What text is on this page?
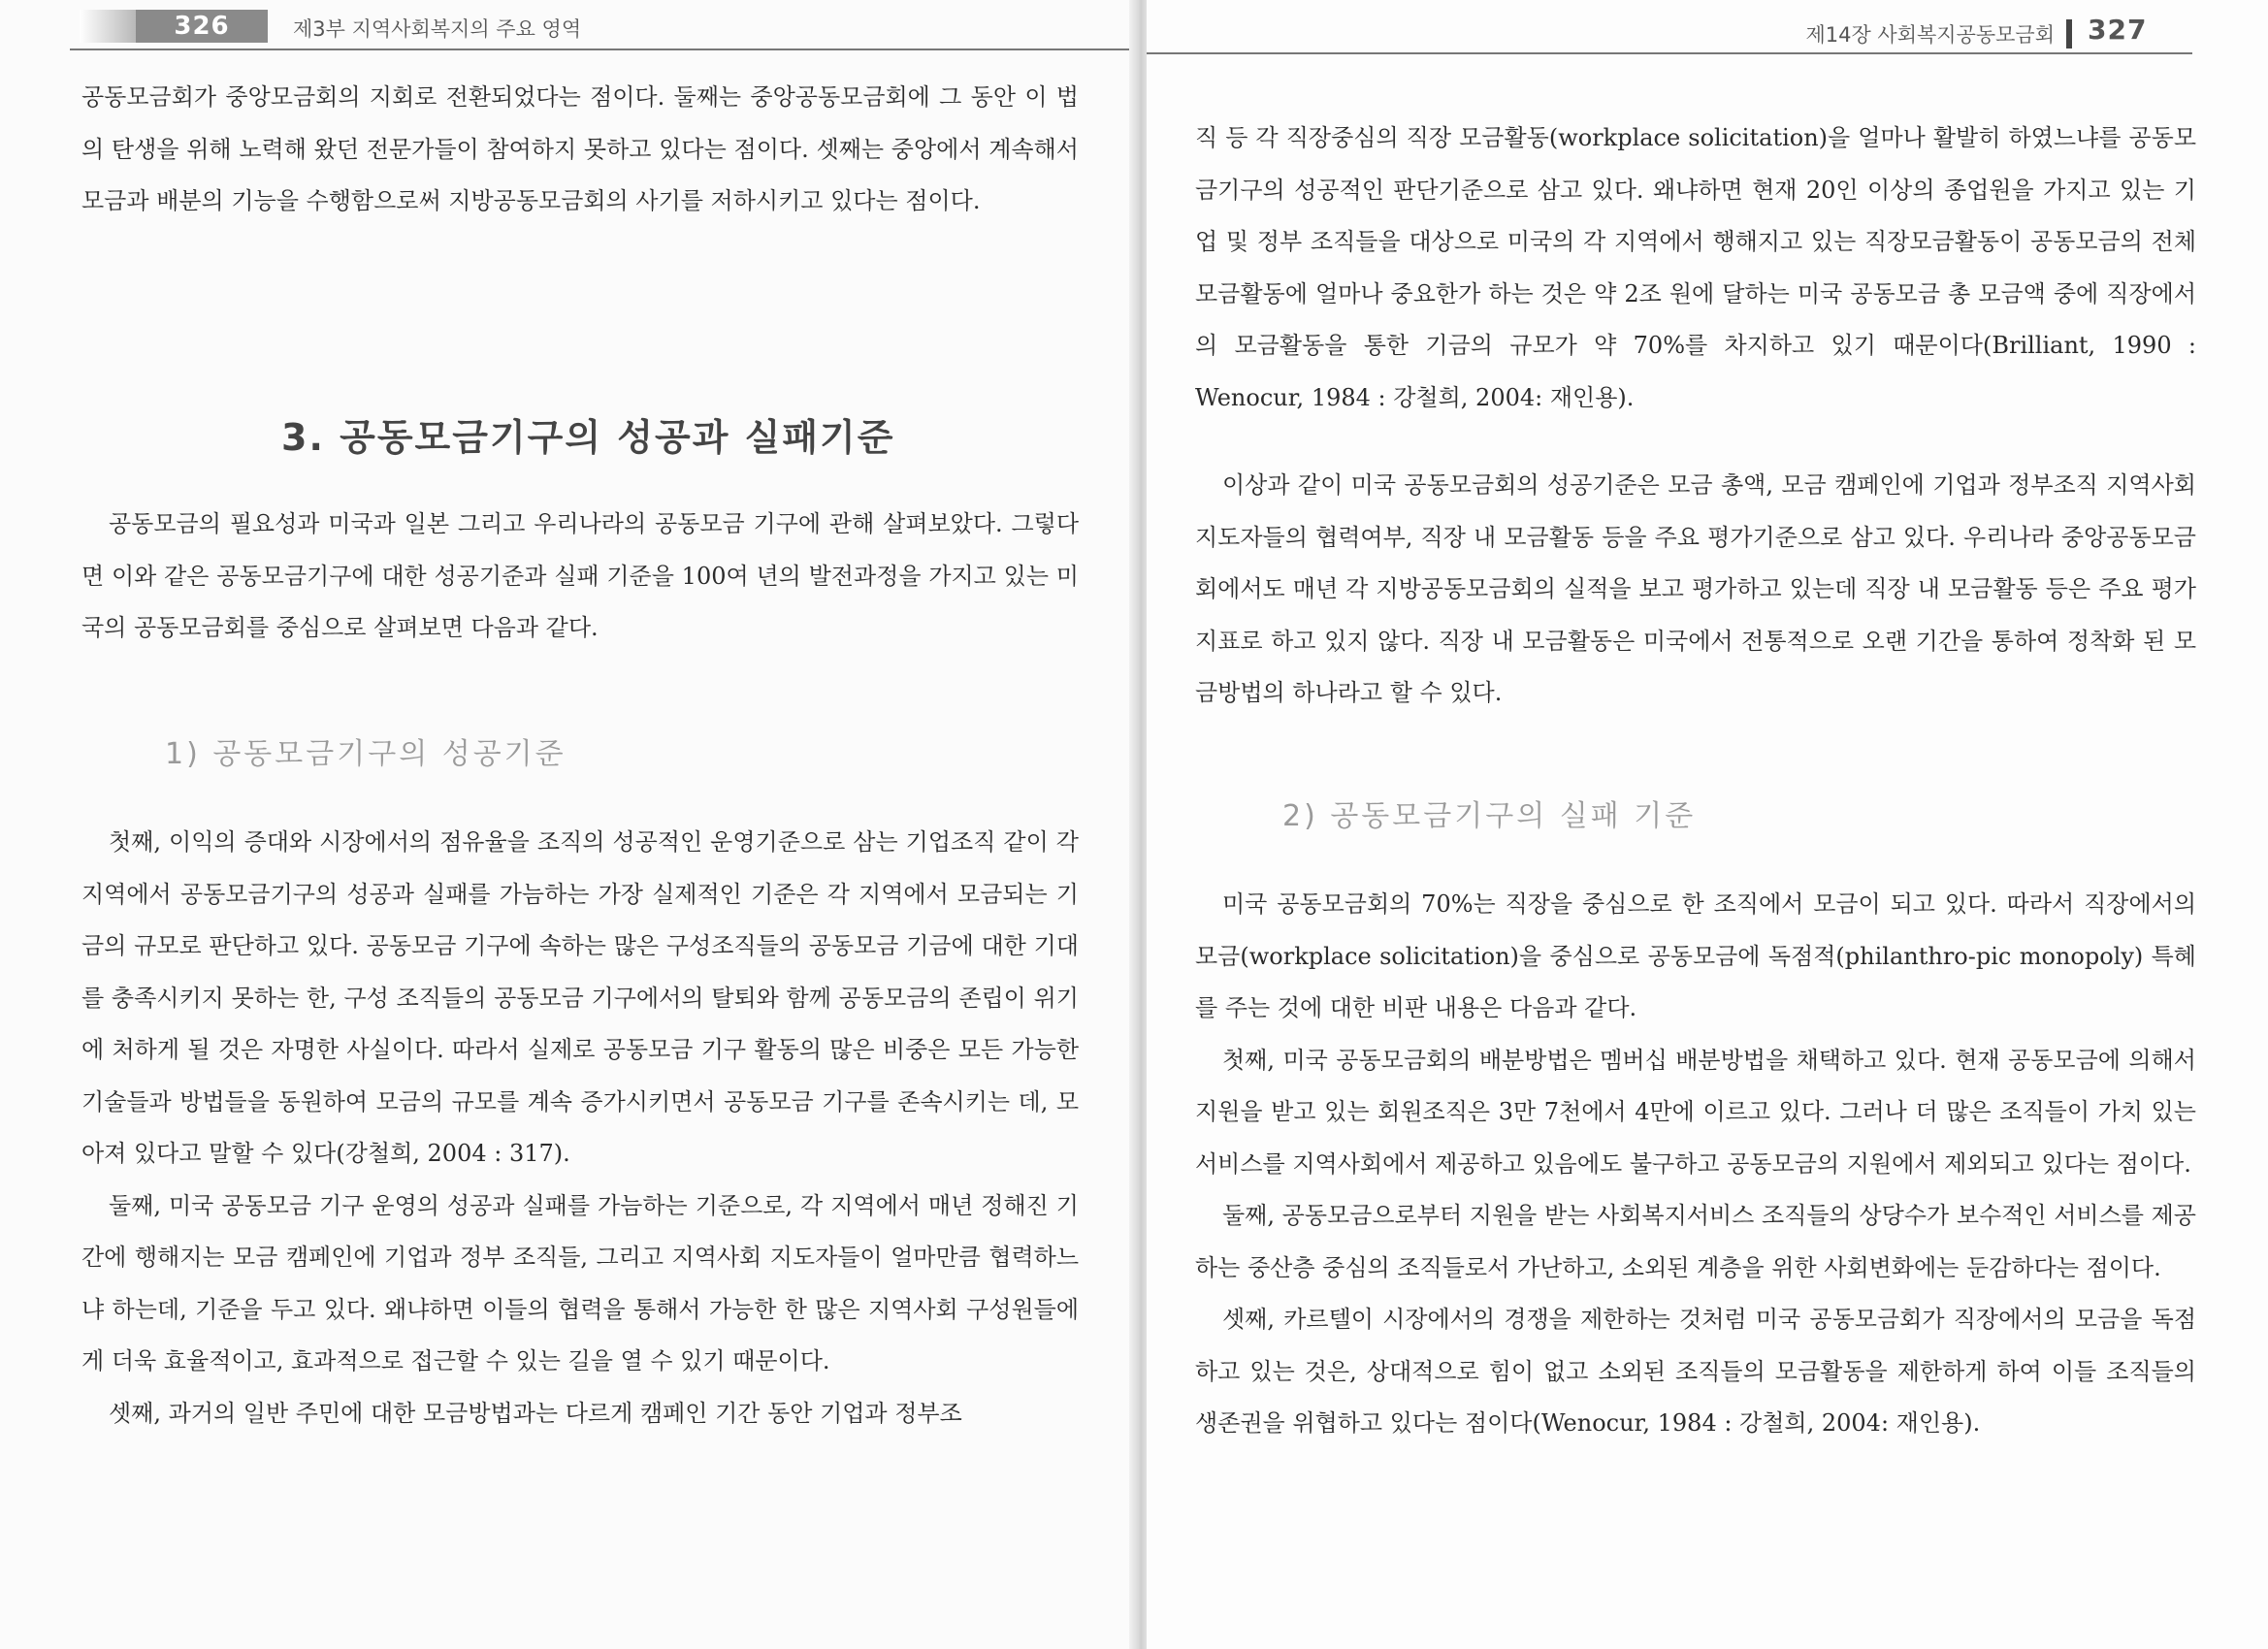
326	제3부 지역사회복지의 주요 영역

공동모금회가 중앙모금회의 지회로 전환되었다는 점이다. 둘째는 중앙공동모금회에 그 동안 이 법의 탄생을 위해 노력해 왔던 전문가들이 참여하지 못하고 있다는 점이다. 셋째는 중앙에서 계속해서 모금과 배분의 기능을 수행함으로써 지방공동모금회의 사기를 저하시키고 있다는 점이다.

3. 공동모금기구의 성공과 실패기준

공동모금의 필요성과 미국과 일본 그리고 우리나라의 공동모금 기구에 관해 살펴보았다. 그렇다면 이와 같은 공동모금기구에 대한 성공기준과 실패 기준을 100여 년의 발전과정을 가지고 있는 미국의 공동모금회를 중심으로 살펴보면 다음과 같다.

1) 공동모금기구의 성공기준

첫째, 이익의 증대와 시장에서의 점유율을 조직의 성공적인 운영기준으로 삼는 기업조직 같이 각 지역에서 공동모금기구의 성공과 실패를 가늠하는 가장 실제적인 기준은 각 지역에서 모금되는 기금의 규모로 판단하고 있다. 공동모금 기구에 속하는 많은 구성조직들의 공동모금 기금에 대한 기대를 충족시키지 못하는 한, 구성 조직들의 공동모금 기구에서의 탈퇴와 함께 공동모금의 존립이 위기에 처하게 될 것은 자명한 사실이다. 따라서 실제로 공동모금 기구 활동의 많은 비중은 모든 가능한 기술들과 방법들을 동원하여 모금의 규모를 계속 증가시키면서 공동모금 기구를 존속시키는 데, 모아져 있다고 말할 수 있다(강철희, 2004 : 317).

둘째, 미국 공동모금 기구 운영의 성공과 실패를 가늠하는 기준으로, 각 지역에서 매년 정해진 기간에 행해지는 모금 캠페인에 기업과 정부 조직들, 그리고 지역사회 지도자들이 얼마만큼 협력하느냐 하는데, 기준을 두고 있다. 왜냐하면 이들의 협력을 통해서 가능한 한 많은 지역사회 구성원들에게 더욱 효율적이고, 효과적으로 접근할 수 있는 길을 열 수 있기 때문이다.

셋째, 과거의 일반 주민에 대한 모금방법과는 다르게 캠페인 기간 동안 기업과 정부조

제14장 사회복지공동모금회 327

직 등 각 직장중심의 직장 모금활동(workplace solicitation)을 얼마나 활발히 하였느냐를 공동모금기구의 성공적인 판단기준으로 삼고 있다. 왜냐하면 현재 20인 이상의 종업원을 가지고 있는 기업 및 정부 조직들을 대상으로 미국의 각 지역에서 행해지고 있는 직장모금활동이 공동모금의 전체 모금활동에 얼마나 중요한가 하는 것은 약 2조 원에 달하는 미국 공동모금 총 모금액 중에 직장에서의 모금활동을 통한 기금의 규모가 약 70%를 차지하고 있기 때문이다(Brilliant, 1990 : Wenocur, 1984 : 강철희, 2004: 재인용).

이상과 같이 미국 공동모금회의 성공기준은 모금 총액, 모금 캠페인에 기업과 정부조직 지역사회 지도자들의 협력여부, 직장 내 모금활동 등을 주요 평가기준으로 삼고 있다. 우리나라 중앙공동모금회에서도 매년 각 지방공동모금회의 실적을 보고 평가하고 있는데 직장 내 모금활동 등은 주요 평가지표로 하고 있지 않다. 직장 내 모금활동은 미국에서 전통적으로 오랜 기간을 통하여 정착화 된 모금방법의 하나라고 할 수 있다.

2) 공동모금기구의 실패 기준

미국 공동모금회의 70%는 직장을 중심으로 한 조직에서 모금이 되고 있다. 따라서 직장에서의 모금(workplace solicitation)을 중심으로 공동모금에 독점적(philanthro-pic monopoly) 특혜를 주는 것에 대한 비판 내용은 다음과 같다.

첫째, 미국 공동모금회의 배분방법은 멤버십 배분방법을 채택하고 있다. 현재 공동모금에 의해서 지원을 받고 있는 회원조직은 3만 7천에서 4만에 이르고 있다. 그러나 더 많은 조직들이 가치 있는 서비스를 지역사회에서 제공하고 있음에도 불구하고 공동모금의 지원에서 제외되고 있다는 점이다.

둘째, 공동모금으로부터 지원을 받는 사회복지서비스 조직들의 상당수가 보수적인 서비스를 제공하는 중산층 중심의 조직들로서 가난하고, 소외된 계층을 위한 사회변화에는 둔감하다는 점이다.

셋째, 카르텔이 시장에서의 경쟁을 제한하는 것처럼 미국 공동모금회가 직장에서의 모금을 독점하고 있는 것은, 상대적으로 힘이 없고 소외된 조직들의 모금활동을 제한하게 하여 이들 조직들의 생존권을 위협하고 있다는 점이다(Wenocur, 1984 : 강철희, 2004: 재인용).
